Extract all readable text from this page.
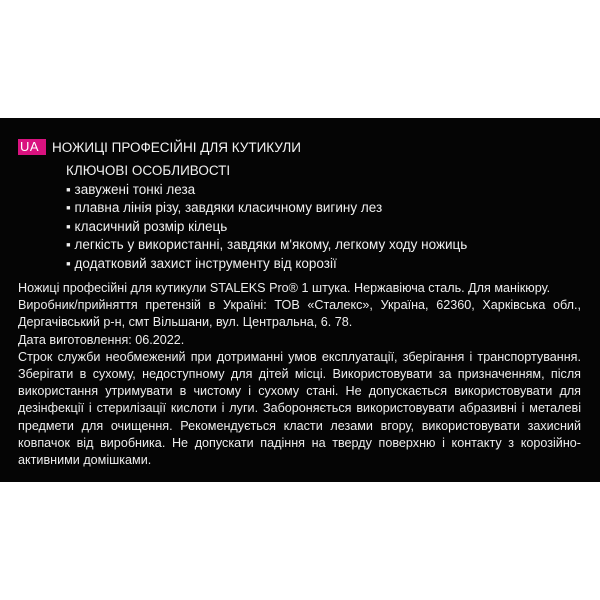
UA НОЖИЦІ ПРОФЕСІЙНІ ДЛЯ КУТИКУЛИ
КЛЮЧОВІ ОСОБЛИВОСТІ
▪ завужені тонкі леза
▪ плавна лінія різу, завдяки класичному вигину лез
▪ класичний розмір кілець
▪ легкість у використанні, завдяки м'якому, легкому ходу ножиць
▪ додатковий захист інструменту від корозії
Ножиці професійні для кутикули STALEKS Pro® 1 штука. Нержавіюча сталь. Для манікюру.
Виробник/прийняття претензій в Україні: ТОВ «Сталекс», Україна, 62360, Харківська обл.,
Дергачівський р-н, смт Вільшани, вул. Центральна, 6. 78.
Дата виготовлення: 06.2022.
Строк служби необмежений при дотриманні умов експлуатації, зберігання і транспортування.
Зберігати в сухому, недоступному для дітей місці. Використовувати за призначенням, після
використання утримувати в чистому і сухому стані. Не допускається використовувати для
дезінфекції і стерилізації кислоти і луги. Забороняється використовувати абразивні і металеві
предмети для очищення. Рекомендується класти лезами вгору, використовувати захисний
ковпачок від виробника. Не допускати падіння на тверду поверхню і контакту з корозійно-
активними домішками.
